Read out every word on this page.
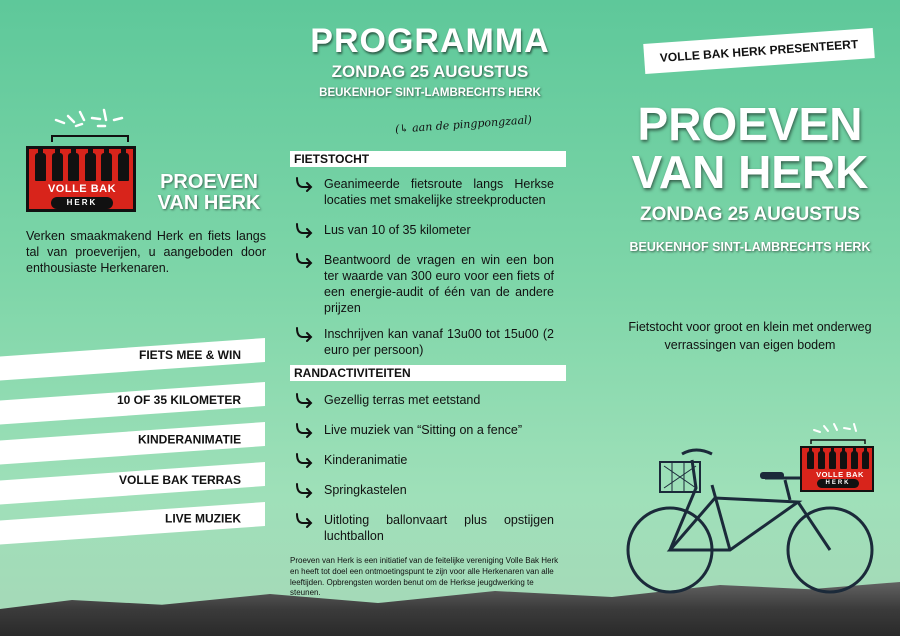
VOLLE BAK
HERK
PROEVEN
VAN HERK

Verken smaakmakend Herk en fiets langs tal van proeverijen, u aangeboden door enthousiaste Herkenaren.

FIETS MEE & WIN
10 OF 35 KILOMETER
KINDERANIMATIE
VOLLE BAK TERRAS
LIVE MUZIEK
PROGRAMMA
ZONDAG 25 AUGUSTUS
BEUKENHOF SINT-LAMBRECHTS HERK
(↳ aan de pingpongzaal)
FIETSTOCHT
Geanimeerde fietsroute langs Herkse locaties met smakelijke streekproducten
Lus van 10 of 35 kilometer
Beantwoord de vragen en win een bon ter waarde van 300 euro voor een fiets of een energie-audit of één van de andere prijzen
Inschrijven kan vanaf 13u00 tot 15u00 (2 euro per persoon)
RANDACTIVITEITEN
Gezellig terras met eetstand
Live muziek van “Sitting on a fence”
Kinderanimatie
Springkastelen
Uitloting ballonvaart plus opstijgen luchtballon

Proeven van Herk is een initiatief van de feitelijke vereniging Volle Bak Herk en heeft tot doel een ontmoetingspunt te zijn voor alle Herkenaren van alle leeftijden. Opbrengsten worden benut om de Herkse jeugdwerking te steunen.

VOLLE BAK HERK PRESENTEERT
PROEVEN
VAN HERK
ZONDAG 25 AUGUSTUS
BEUKENHOF SINT-LAMBRECHTS HERK

Fietstocht voor groot en klein met onderweg verrassingen van eigen bodem

VOLLE BAK
HERK
